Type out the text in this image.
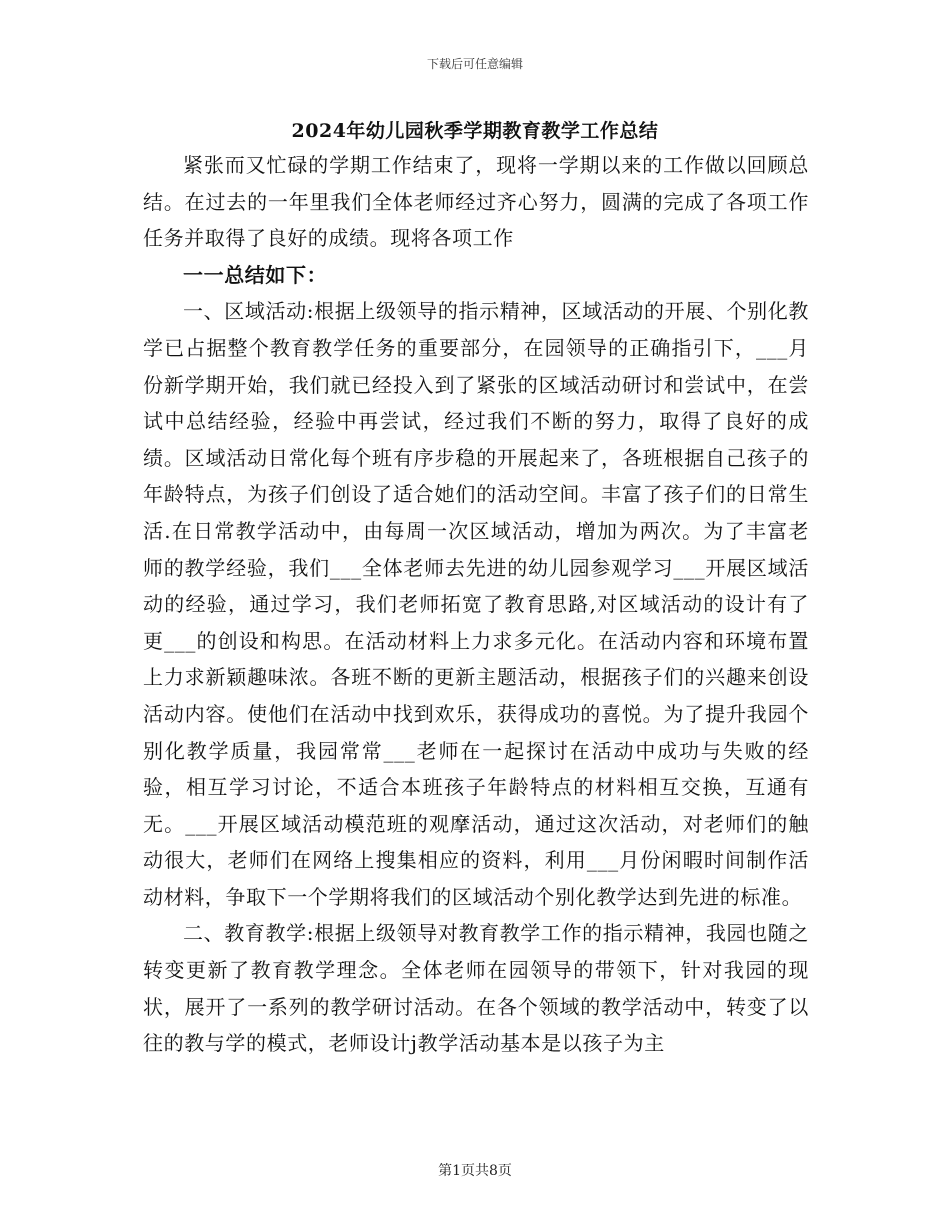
下载后可任意编辑
2024年幼儿园秋季学期教育教学工作总结

紧张而又忙碌的学期工作结束了，现将一学期以来的工作做以回顾总结。在过去的一年里我们全体老师经过齐心努力，圆满的完成了各项工作任务并取得了良好的成绩。现将各项工作

一一总结如下：

一、区域活动:根据上级领导的指示精神，区域活动的开展、个别化教学已占据整个教育教学任务的重要部分，在园领导的正确指引下，___月份新学期开始，我们就已经投入到了紧张的区域活动研讨和尝试中，在尝试中总结经验，经验中再尝试，经过我们不断的努力，取得了良好的成绩。区域活动日常化每个班有序步稳的开展起来了，各班根据自己孩子的年龄特点，为孩子们创设了适合她们的活动空间。丰富了孩子们的日常生活.在日常教学活动中，由每周一次区域活动，增加为两次。为了丰富老师的教学经验，我们___全体老师去先进的幼儿园参观学习___开展区域活动的经验，通过学习，我们老师拓宽了教育思路,对区域活动的设计有了更___的创设和构思。在活动材料上力求多元化。在活动内容和环境布置上力求新颖趣味浓。各班不断的更新主题活动，根据孩子们的兴趣来创设活动内容。使他们在活动中找到欢乐，获得成功的喜悦。为了提升我园个别化教学质量，我园常常___老师在一起探讨在活动中成功与失败的经验，相互学习讨论，不适合本班孩子年龄特点的材料相互交换，互通有无。___开展区域活动模范班的观摩活动，通过这次活动，对老师们的触动很大，老师们在网络上搜集相应的资料，利用___月份闲暇时间制作活动材料，争取下一个学期将我们的区域活动个别化教学达到先进的标准。

二、教育教学:根据上级领导对教育教学工作的指示精神，我园也随之转变更新了教育教学理念。全体老师在园领导的带领下，针对我园的现状，展开了一系列的教学研讨活动。在各个领域的教学活动中，转变了以往的教与学的模式，老师设计j教学活动基本是以孩子为主

第1页共8页
